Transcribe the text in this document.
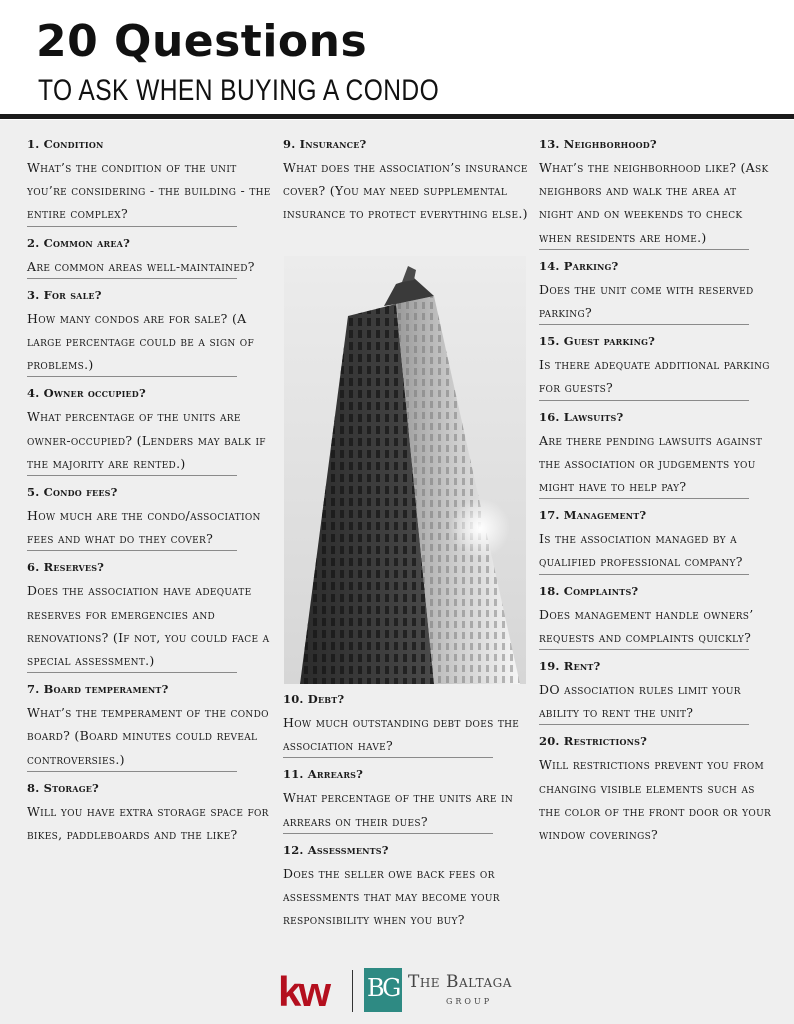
20 Questions
TO ASK WHEN BUYING A CONDO
1. Condition
What’s the condition of the unit you’re considering - the building - the entire complex?
2. Common area?
Are common areas well-maintained?
3. For sale?
How many condos are for sale? (A large percentage could be a sign of problems.)
4. Owner occupied?
What percentage of the units are owner-occupied? (Lenders may balk if the majority are rented.)
5. Condo fees?
How much are the condo/association fees and what do they cover?
6. Reserves?
Does the association have adequate reserves for emergencies and renovations? (If not, you could face a special assessment.)
7. Board temperament?
What’s the temperament of the condo board? (Board minutes could reveal controversies.)
8. Storage?
Will you have extra storage space for bikes, paddleboards and the like?
9. Insurance?
What does the association’s insurance cover? (You may need supplemental insurance to protect everything else.)
10. Debt?
How much outstanding debt does the association have?
11. Arrears?
What percentage of the units are in arrears on their dues?
12. Assessments?
Does the seller owe back fees or assessments that may become your responsibility when you buy?
13. Neighborhood?
What’s the neighborhood like? (Ask neighbors and walk the area at night and on weekends to check when residents are home.)
14. Parking?
Does the unit come with reserved parking?
15. Guest parking?
Is there adequate additional parking for guests?
16. Lawsuits?
Are there pending lawsuits against the association or judgements you might have to help pay?
17. Management?
Is the association managed by a qualified professional company?
18. Complaints?
Does management handle owners’ requests and complaints quickly?
19. Rent?
DO association rules limit your ability to rent the unit?
20. Restrictions?
Will restrictions prevent you from changing visible elements such as the color of the front door or your window coverings?
kw BG The Baltaga
GROUP
